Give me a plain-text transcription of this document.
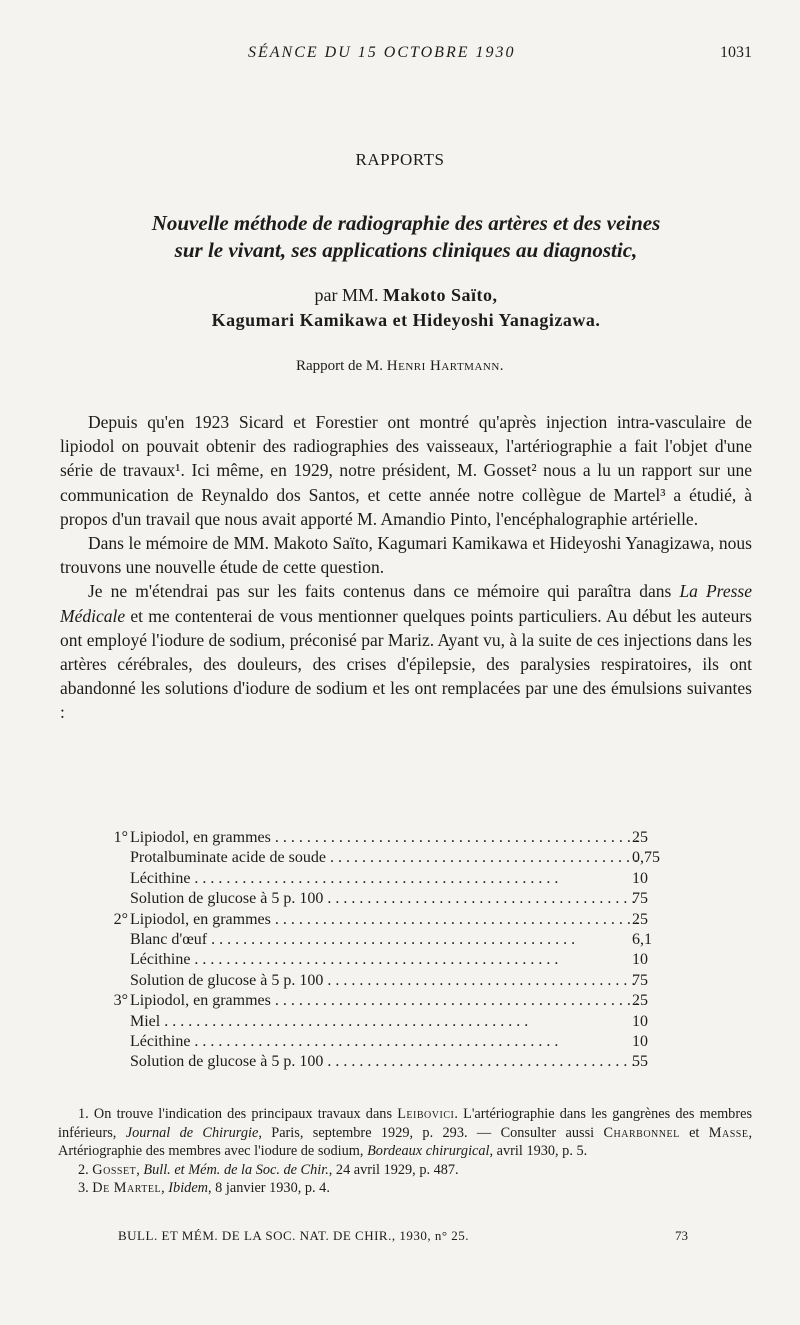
SÉANCE DU 15 OCTOBRE 1930	1031
RAPPORTS
Nouvelle méthode de radiographie des artères et des veines
sur le vivant, ses applications cliniques au diagnostic,
par MM. Makoto Saïto,
Kagumari Kamikawa et Hideyoshi Yanagizawa.
Rapport de M. Henri Hartmann.

Depuis qu'en 1923 Sicard et Forestier ont montré qu'après injection intra-vasculaire de lipiodol on pouvait obtenir des radiographies des vaisseaux, l'artériographie a fait l'objet d'une série de travaux¹. Ici même, en 1929, notre président, M. Gosset² nous a lu un rapport sur une communication de Reynaldo dos Santos, et cette année notre collègue de Martel³ a étudié, à propos d'un travail que nous avait apporté M. Amandio Pinto, l'encéphalographie artérielle.

Dans le mémoire de MM. Makoto Saïto, Kagumari Kamikawa et Hideyoshi Yanagizawa, nous trouvons une nouvelle étude de cette question.

Je ne m'étendrai pas sur les faits contenus dans ce mémoire qui paraîtra dans La Presse Médicale et me contenterai de vous mentionner quelques points particuliers. Au début les auteurs ont employé l'iodure de sodium, préconisé par Mariz. Ayant vu, à la suite de ces injections dans les artères cérébrales, des douleurs, des crises d'épilepsie, des paralysies respiratoires, ils ont abandonné les solutions d'iodure de sodium et les ont remplacées par une des émulsions suivantes :

1° Lipiodol, en grammes . . .	25
Protalbuminate acide de soude . . .	0,75
Lécithine . . .	10
Solution de glucose à 5 p. 100 . . .	75
2° Lipiodol, en grammes . . .	25
Blanc d'œuf . . .	6,1
Lécithine . . .	10
Solution de glucose à 5 p. 100 . . .	75
3° Lipiodol, en grammes . . .	25
Miel . . .	10
Lécithine . . .	10
Solution de glucose à 5 p. 100 . . .	55

1. On trouve l'indication des principaux travaux dans Leibovici. L'artériographie dans les gangrènes des membres inférieurs, Journal de Chirurgie, Paris, septembre 1929, p. 293. — Consulter aussi Charbonnel et Masse, Artériographie des membres avec l'iodure de sodium, Bordeaux chirurgical, avril 1930, p. 5.

2. Gosset, Bull. et Mém. de la Soc. de Chir., 24 avril 1929, p. 487.

3. De Martel, Ibidem, 8 janvier 1930, p. 4.

BULL. ET MÉM. DE LA SOC. NAT. DE CHIR., 1930, n° 25.	73
